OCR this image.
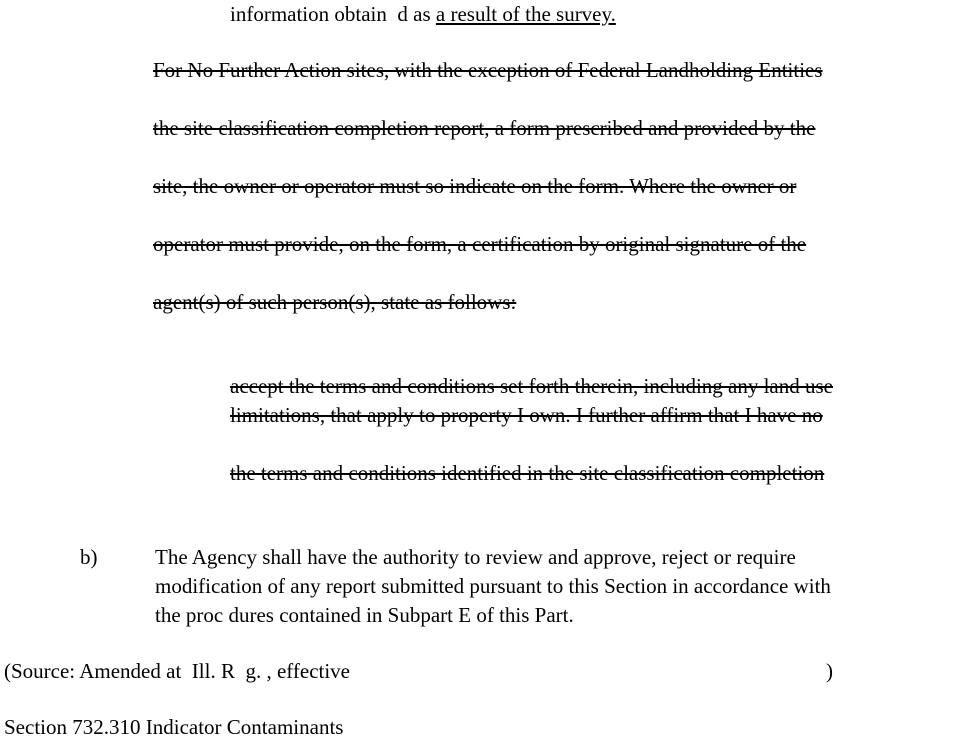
information obtain  d as a result of the survey.
For No Further Action sites, with the exception of Federal Landholding Entities
the site classification completion report, a form prescribed and provided by the
site, the owner or operator must so indicate on the form. Where the owner or
operator must provide, on the form, a certification by original signature of the
agent(s) of such person(s), state as follows:
accept the terms and conditions set forth therein, including any land use
limitations, that apply to property I own. I further affirm that I have no
the terms and conditions identified in the site classification completion
b)	The Agency shall have the authority to review and approve, reject or require
modification of any report submitted pursuant to this Section in accordance with
the proc dures contained in Subpart E of this Part.
(Source: Amended at  Ill. R  g. , effective	)
Section 732.310 Indicator Contaminants
